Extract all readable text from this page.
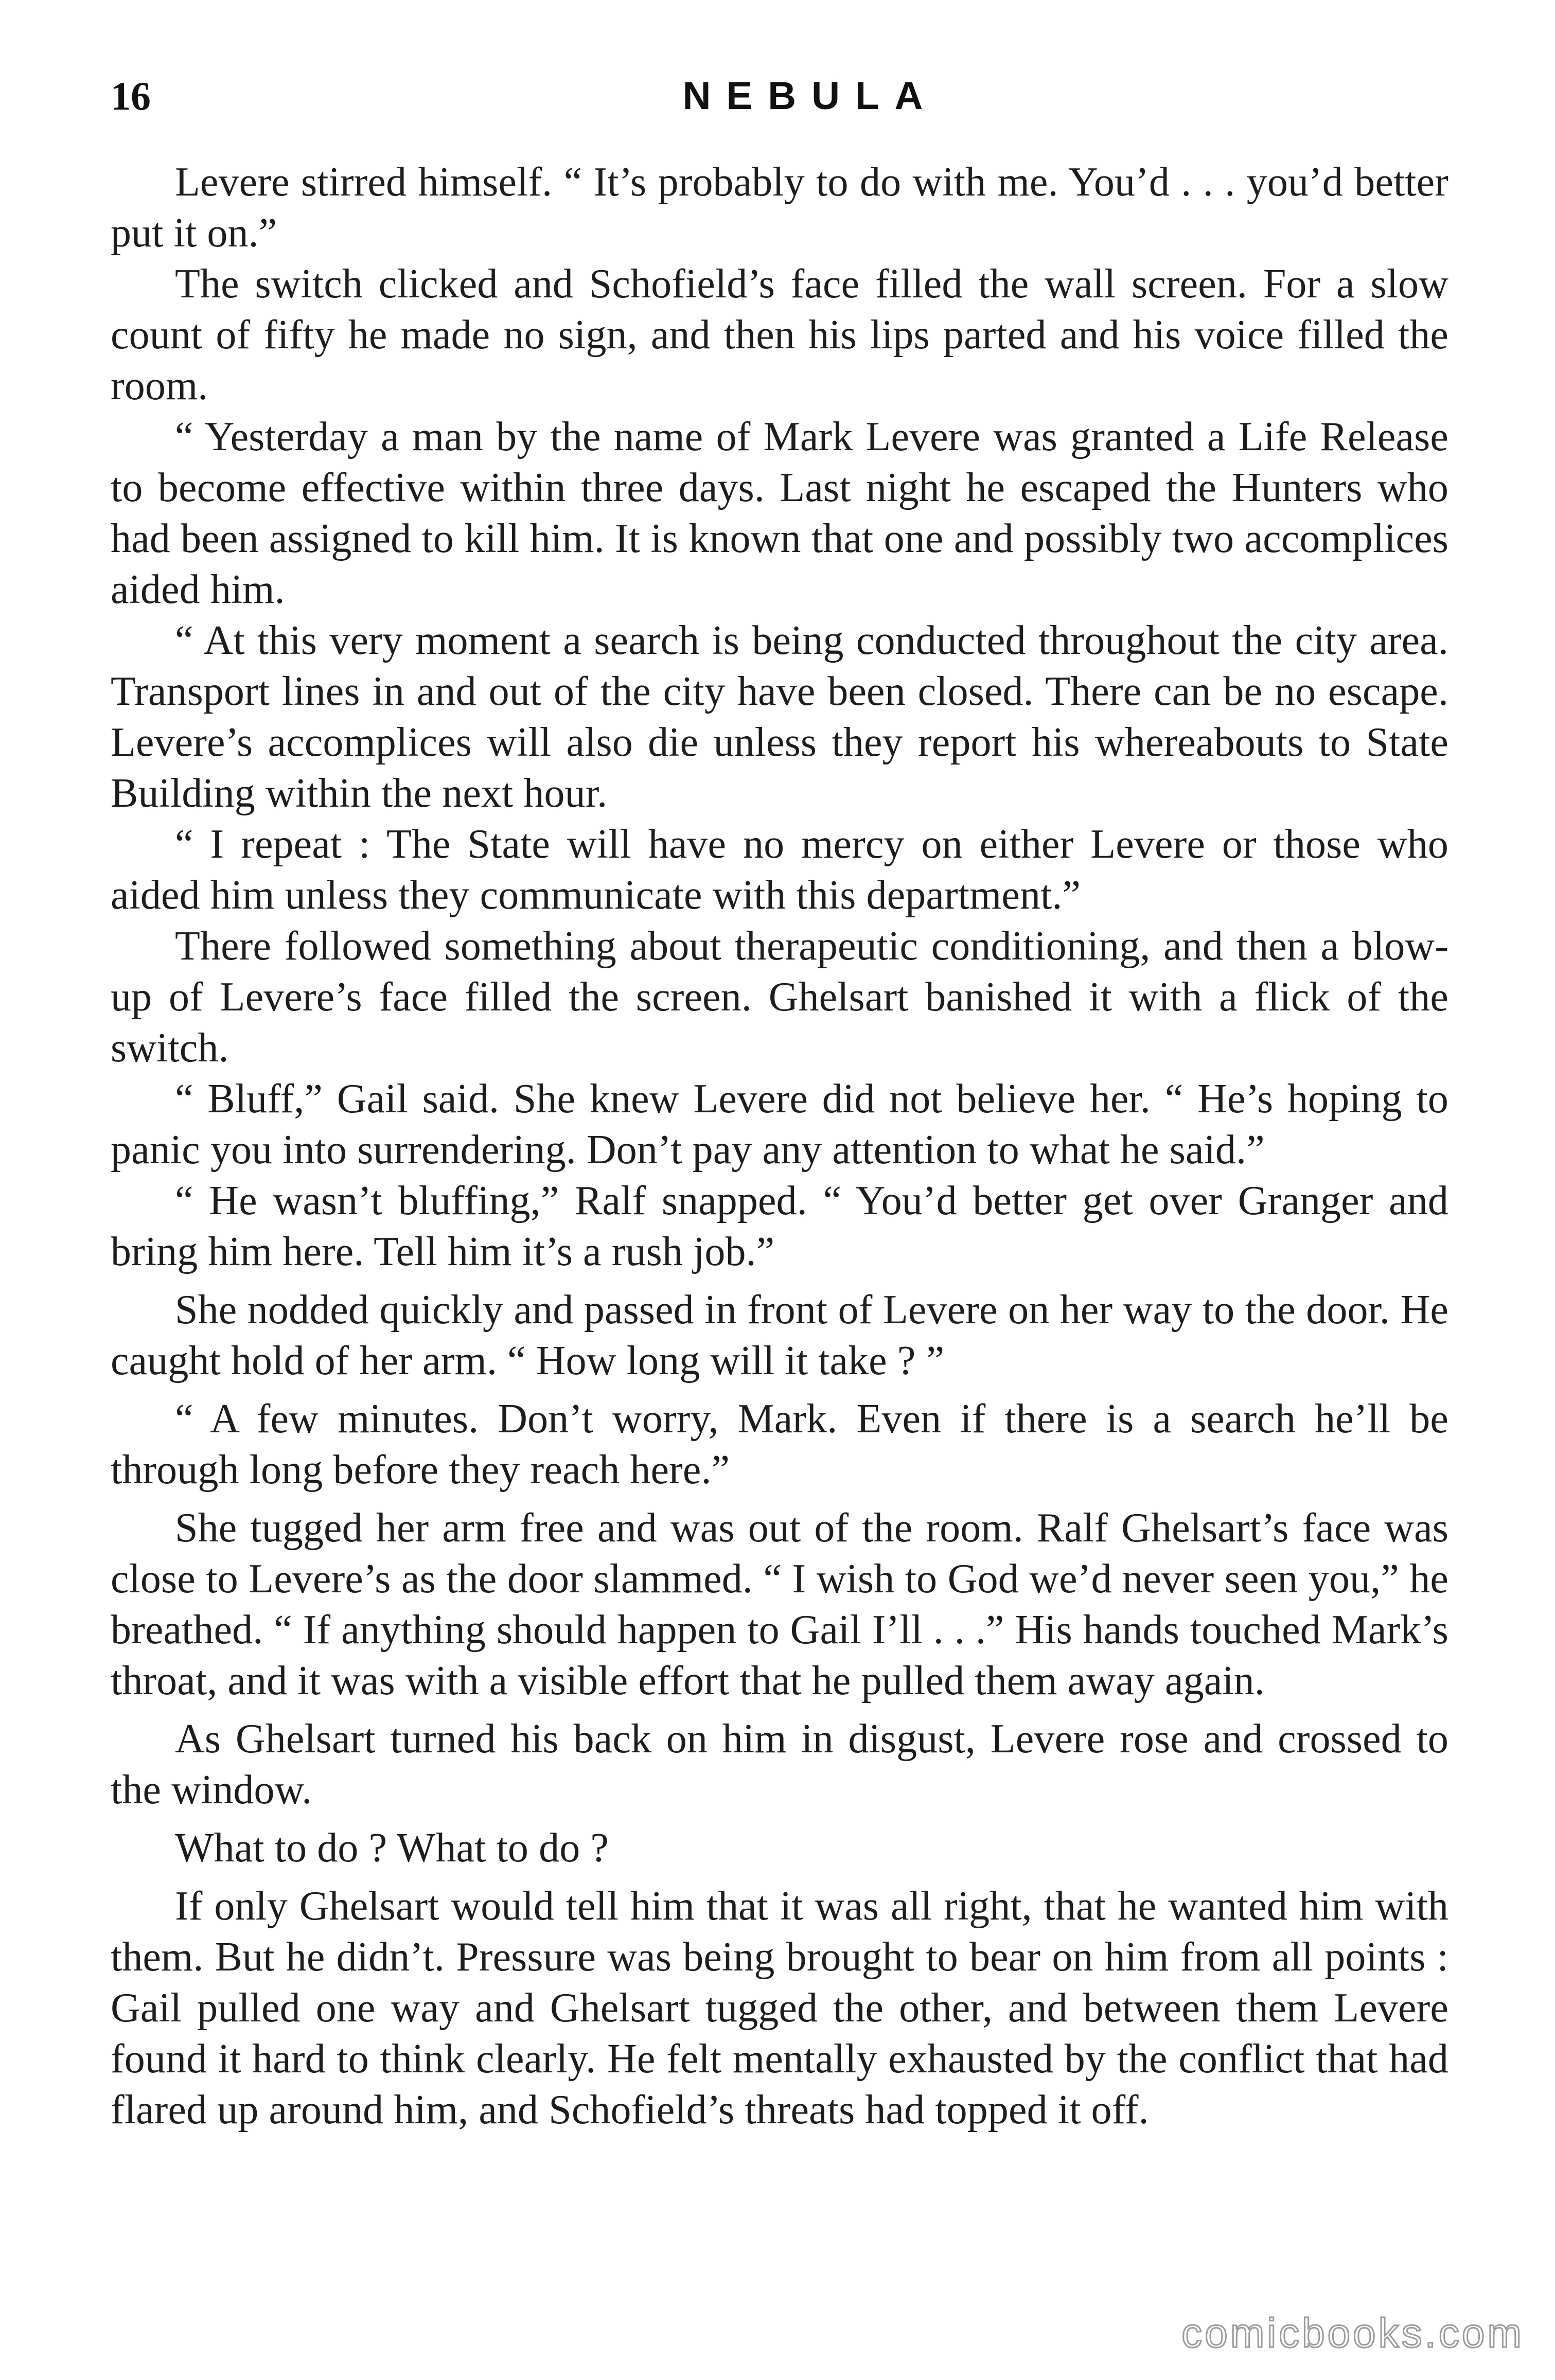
16	NEBULA

Levere stirred himself. “ It’s probably to do with me. You’d . . . you’d better put it on.”

The switch clicked and Schofield’s face filled the wall screen. For a slow count of fifty he made no sign, and then his lips parted and his voice filled the room.

“ Yesterday a man by the name of Mark Levere was granted a Life Release to become effective within three days. Last night he escaped the Hunters who had been assigned to kill him. It is known that one and possibly two accomplices aided him.

“ At this very moment a search is being conducted throughout the city area. Transport lines in and out of the city have been closed. There can be no escape. Levere’s accomplices will also die unless they report his whereabouts to State Building within the next hour.

“ I repeat : The State will have no mercy on either Levere or those who aided him unless they communicate with this department.”

There followed something about therapeutic conditioning, and then a blow-up of Levere’s face filled the screen. Ghelsart banished it with a flick of the switch.

“ Bluff,” Gail said. She knew Levere did not believe her. “ He’s hoping to panic you into surrendering. Don’t pay any attention to what he said.”

“ He wasn’t bluffing,” Ralf snapped. “ You’d better get over Granger and bring him here. Tell him it’s a rush job.”

She nodded quickly and passed in front of Levere on her way to the door. He caught hold of her arm. “ How long will it take ? ”

“ A few minutes. Don’t worry, Mark. Even if there is a search he’ll be through long before they reach here.”

She tugged her arm free and was out of the room. Ralf Ghelsart’s face was close to Levere’s as the door slammed. “ I wish to God we’d never seen you,” he breathed. “ If anything should happen to Gail I’ll . . .” His hands touched Mark’s throat, and it was with a visible effort that he pulled them away again.

As Ghelsart turned his back on him in disgust, Levere rose and crossed to the window.

What to do ? What to do ?

If only Ghelsart would tell him that it was all right, that he wanted him with them. But he didn’t. Pressure was being brought to bear on him from all points : Gail pulled one way and Ghelsart tugged the other, and between them Levere found it hard to think clearly. He felt mentally exhausted by the conflict that had flared up around him, and Schofield’s threats had topped it off.

comicbooks.com
